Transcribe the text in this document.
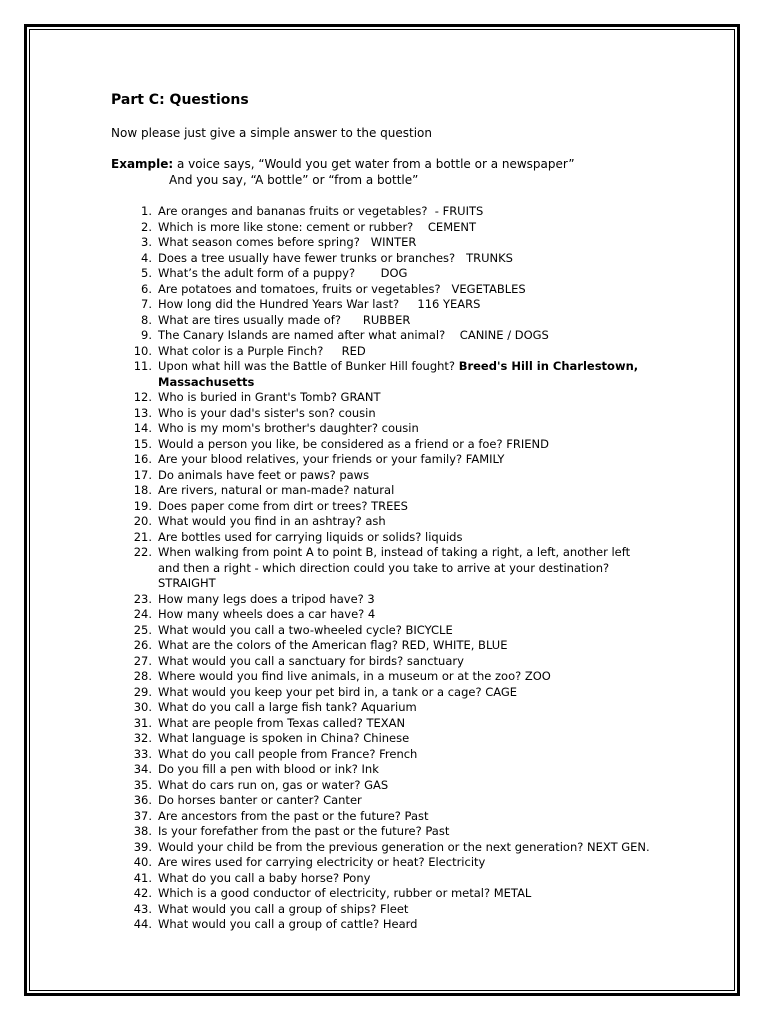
Part C: Questions
Now please just give a simple answer to the question
Example: a voice says, “Would you get water from a bottle or a newspaper”
And you say, “A bottle” or “from a bottle”
1. Are oranges and bananas fruits or vegetables?  - FRUITS
2. Which is more like stone: cement or rubber?    CEMENT
3. What season comes before spring?   WINTER
4. Does a tree usually have fewer trunks or branches?   TRUNKS
5. What’s the adult form of a puppy?       DOG
6. Are potatoes and tomatoes, fruits or vegetables?   VEGETABLES
7. How long did the Hundred Years War last?     116 YEARS
8. What are tires usually made of?      RUBBER
9. The Canary Islands are named after what animal?    CANINE / DOGS
10. What color is a Purple Finch?     RED
11. Upon what hill was the Battle of Bunker Hill fought? Breed's Hill in Charlestown, Massachusetts
12. Who is buried in Grant's Tomb? GRANT
13. Who is your dad's sister's son? cousin
14. Who is my mom's brother's daughter? cousin
15. Would a person you like, be considered as a friend or a foe? FRIEND
16. Are your blood relatives, your friends or your family? FAMILY
17. Do animals have feet or paws? paws
18. Are rivers, natural or man-made? natural
19. Does paper come from dirt or trees? TREES
20. What would you find in an ashtray? ash
21. Are bottles used for carrying liquids or solids? liquids
22. When walking from point A to point B, instead of taking a right, a left, another left and then a right - which direction could you take to arrive at your destination? STRAIGHT
23. How many legs does a tripod have? 3
24. How many wheels does a car have? 4
25. What would you call a two-wheeled cycle? BICYCLE
26. What are the colors of the American flag? RED, WHITE, BLUE
27. What would you call a sanctuary for birds? sanctuary
28. Where would you find live animals, in a museum or at the zoo? ZOO
29. What would you keep your pet bird in, a tank or a cage? CAGE
30. What do you call a large fish tank? Aquarium
31. What are people from Texas called? TEXAN
32. What language is spoken in China? Chinese
33. What do you call people from France? French
34. Do you fill a pen with blood or ink? Ink
35. What do cars run on, gas or water? GAS
36. Do horses banter or canter? Canter
37. Are ancestors from the past or the future? Past
38. Is your forefather from the past or the future? Past
39. Would your child be from the previous generation or the next generation? NEXT GEN.
40. Are wires used for carrying electricity or heat? Electricity
41. What do you call a baby horse? Pony
42. Which is a good conductor of electricity, rubber or metal? METAL
43. What would you call a group of ships? Fleet
44. What would you call a group of cattle? Heard
